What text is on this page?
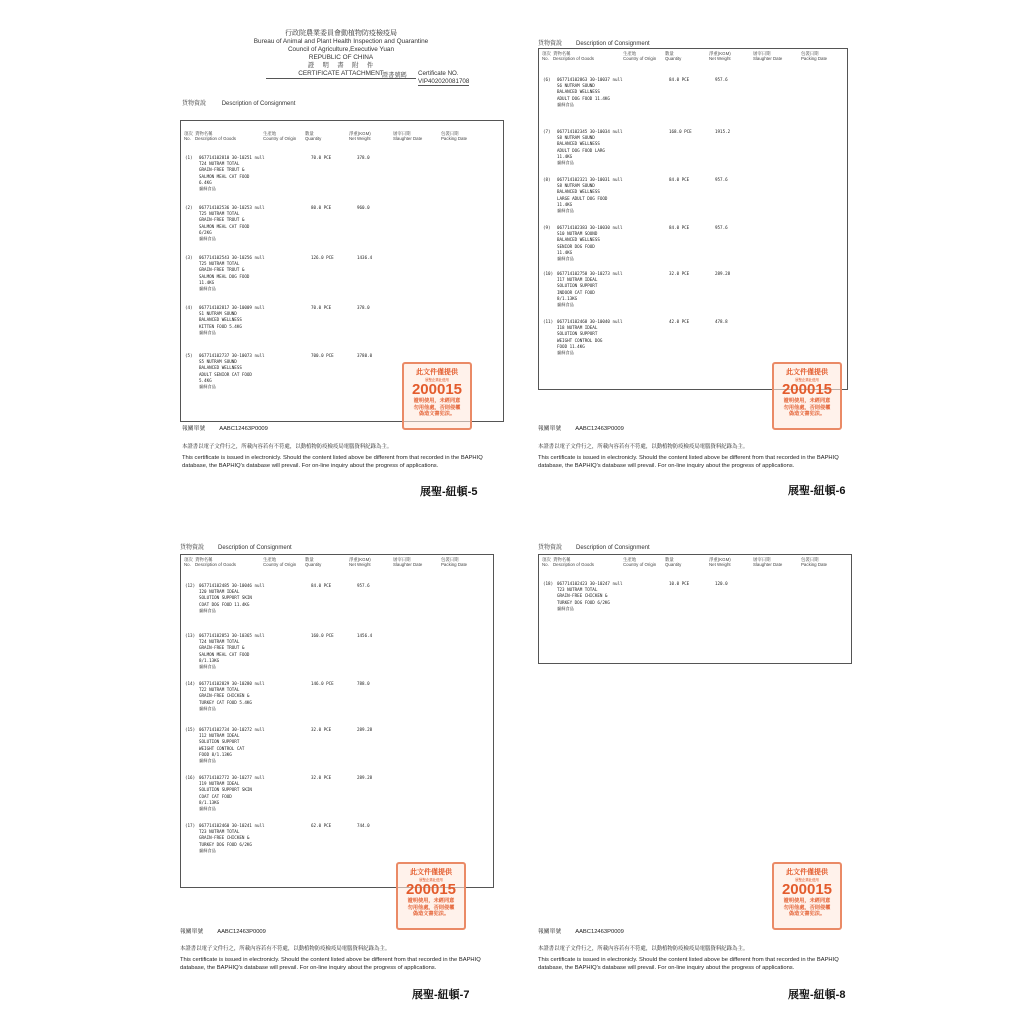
行政院農業委員會動植物防疫檢疫局
Bureau of Animal and Plant Health Inspection and Quarantine
Council of Agriculture,Executive Yuan
REPUBLIC OF CHINA
證　明　書　附　件
CERTIFICATE ATTACHMENT
證書號碼 Certificate NO.
VIP402020081708
貨物資說	Description of Consignment
項次
No.
貨物名稱
Description of Goods
生產地
Country of Origin
數量
Quantity
淨重(KGM)
Net Weight
屠宰日期
Slaughter Date
包裝日期
Packing Date
(1) 067714102810 30-10251 null
T24 NUTRAM TOTAL
GRAIN-FREE TROUT &
SALMON MEAL CAT FOOD
6.4KG
貓飼食品
70.0 PCE	378.0
(2) 067714102536 30-10253 null
T25 NUTRAM TOTAL
GRAIN-FREE TROUT &
SALMON MEAL CAT FOOD
6/2KG
貓飼食品
80.0 PCE	960.0
(3) 067714102543 30-10256 null
T25 NUTRAM TOTAL
GRAIN-FREE TROUT &
SALMON MEAL DOG FOOD
11.4KG
貓飼食品
126.0 PCE	1436.4
(4) 067714102817 30-10009 null
S1 NUTRAM SOUND
BALANCED WELLNESS
KITTEN FOOD 5.4KG
貓飼食品
70.0 PCE	378.0
(5) 067714102737 30-10073 null
S5 NUTRAM SOUND
BALANCED WELLNESS
ADULT SENIOR CAT FOOD
5.4KG
貓飼食品
700.0 PCE	3780.0
此文件僅提供
展聖企業社使用
200015
證明使用，未經同意
勿用他處，否則侵權
偽造文書犯法。
報關單號 AABC12463P0009
本證書以電子文件行之，所載內容若有不符處，以動植物防疫檢疫局電腦資料紀錄為主。
This certificate is issued in electronicly. Should the content listed above be different from that recorded in the BAPHIQ database, the BAPHIQ's database will prevail. For on-line inquiry about the progress of applications.
展聖-紐頓-5
貨物資說 Description of Consignment
項次
No.
貨物名稱
Description of Goods
生產地
Country of Origin
數量
Quantity
淨重(KGM)
Net Weight
屠宰日期
Slaughter Date
包裝日期
Packing Date
(6) 067714102863 30-10037 null
S6 NUTRAM SOUND
BALANCED WELLNESS
ADULT DOG FOOD 11.4KG
貓飼食品
84.0 PCE	957.6
(7) 067714102345 30-10034 null
S8 NUTRAM SOUND
BALANCED WELLNESS
ADULT DOG FOOD LARG
11.4KG
貓飼食品
168.0 PCE	1915.2
(8) 067714102321 30-10031 null
S8 NUTRAM SOUND
BALANCED WELLNESS
LARGE ADULT DOG FOOD
11.4KG
貓飼食品
84.0 PCE	957.6
(9) 067714102383 30-10030 null
S10 NUTRAM SOUND
BALANCED WELLNESS
SENIOR DOG FOOD
11.4KG
貓飼食品
84.0 PCE	957.6
(10) 067714102758 30-10273 null
I17 NUTRAM IDEAL
SOLUTION SUPPORT
INDOOR CAT FOOD
8/1.13KG
貓飼食品
32.0 PCE	289.28
(11) 067714102468 30-10040 null
I18 NUTRAM IDEAL
SOLUTION SUPPORT
WEIGHT CONTROL DOG
FOOD 11.4KG
貓飼食品
42.0 PCE	478.8
此文件僅提供
展聖企業社使用
200015
證明使用，未經同意
勿用他處，否則侵權
偽造文書犯法。
報關單號 AABC12463P0009
本證書以電子文件行之，所載內容若有不符處，以動植物防疫檢疫局電腦資料紀錄為主。
This certificate is issued in electronicly. Should the content listed above be different from that recorded in the BAPHIQ database, the BAPHIQ's database will prevail. For on-line inquiry about the progress of applications.
展聖-紐頓-6
貨物資說 Description of Consignment
項次
No.
貨物名稱
Description of Goods
生產地
Country of Origin
數量
Quantity
淨重(KGM)
Net Weight
屠宰日期
Slaughter Date
包裝日期
Packing Date
(12) 067714102485 30-10046 null
I20 NUTRAM IDEAL
SOLUTION SUPPORT SKIN
COAT DOG FOOD 11.4KG
貓飼食品
84.0 PCE	957.6
(13) 067714102853 30-10365 null
T24 NUTRAM TOTAL
GRAIN-FREE TROUT &
SALMON MEAL CAT FOOD
8/1.13KG
貓飼食品
160.0 PCE	1456.4
(14) 067714102829 30-10280 null
T22 NUTRAM TOTAL
GRAIN-FREE CHICKEN &
TURKEY CAT FOOD 5.4KG
貓飼食品
146.0 PCE	788.0
(15) 067714102734 30-10272 null
I12 NUTRAM IDEAL
SOLUTION SUPPORT
WEIGHT CONTROL CAT
FOOD 8/1.13KG
貓飼食品
32.0 PCE	289.28
(16) 067714102772 30-10277 null
I19 NUTRAM IDEAL
SOLUTION SUPPORT SKIN
COAT CAT FOOD
8/1.13KG
貓飼食品
32.0 PCE	289.28
(17) 067714102460 30-10241 null
T23 NUTRAM TOTAL
GRAIN-FREE CHICKEN &
TURKEY DOG FOOD 6/2KG
貓飼食品
62.0 PCE	744.0
此文件僅提供
展聖企業社使用
200015
證明使用，未經同意
勿用他處，否則侵權
偽造文書犯法。
報關單號 AABC12463P0009
本證書以電子文件行之，所載內容若有不符處，以動植物防疫檢疫局電腦資料紀錄為主。
This certificate is issued in electronicly. Should the content listed above be different from that recorded in the BAPHIQ database, the BAPHIQ's database will prevail. For on-line inquiry about the progress of applications.
展聖-紐頓-7
貨物資說 Description of Consignment
項次
No.
貨物名稱
Description of Goods
生產地
Country of Origin
數量
Quantity
淨重(KGM)
Net Weight
屠宰日期
Slaughter Date
包裝日期
Packing Date
(18) 067714102423 30-10247 null
T23 NUTRAM TOTAL
GRAIN-FREE CHICKEN &
TURKEY DOG FOOD 6/2KG
貓飼食品
10.0 PCE	120.0
此文件僅提供
展聖企業社使用
200015
證明使用，未經同意
勿用他處，否則侵權
偽造文書犯法。
報關單號 AABC12463P0009
本證書以電子文件行之，所載內容若有不符處，以動植物防疫檢疫局電腦資料紀錄為主。
This certificate is issued in electronicly. Should the content listed above be different from that recorded in the BAPHIQ database, the BAPHIQ's database will prevail. For on-line inquiry about the progress of applications.
展聖-紐頓-8
